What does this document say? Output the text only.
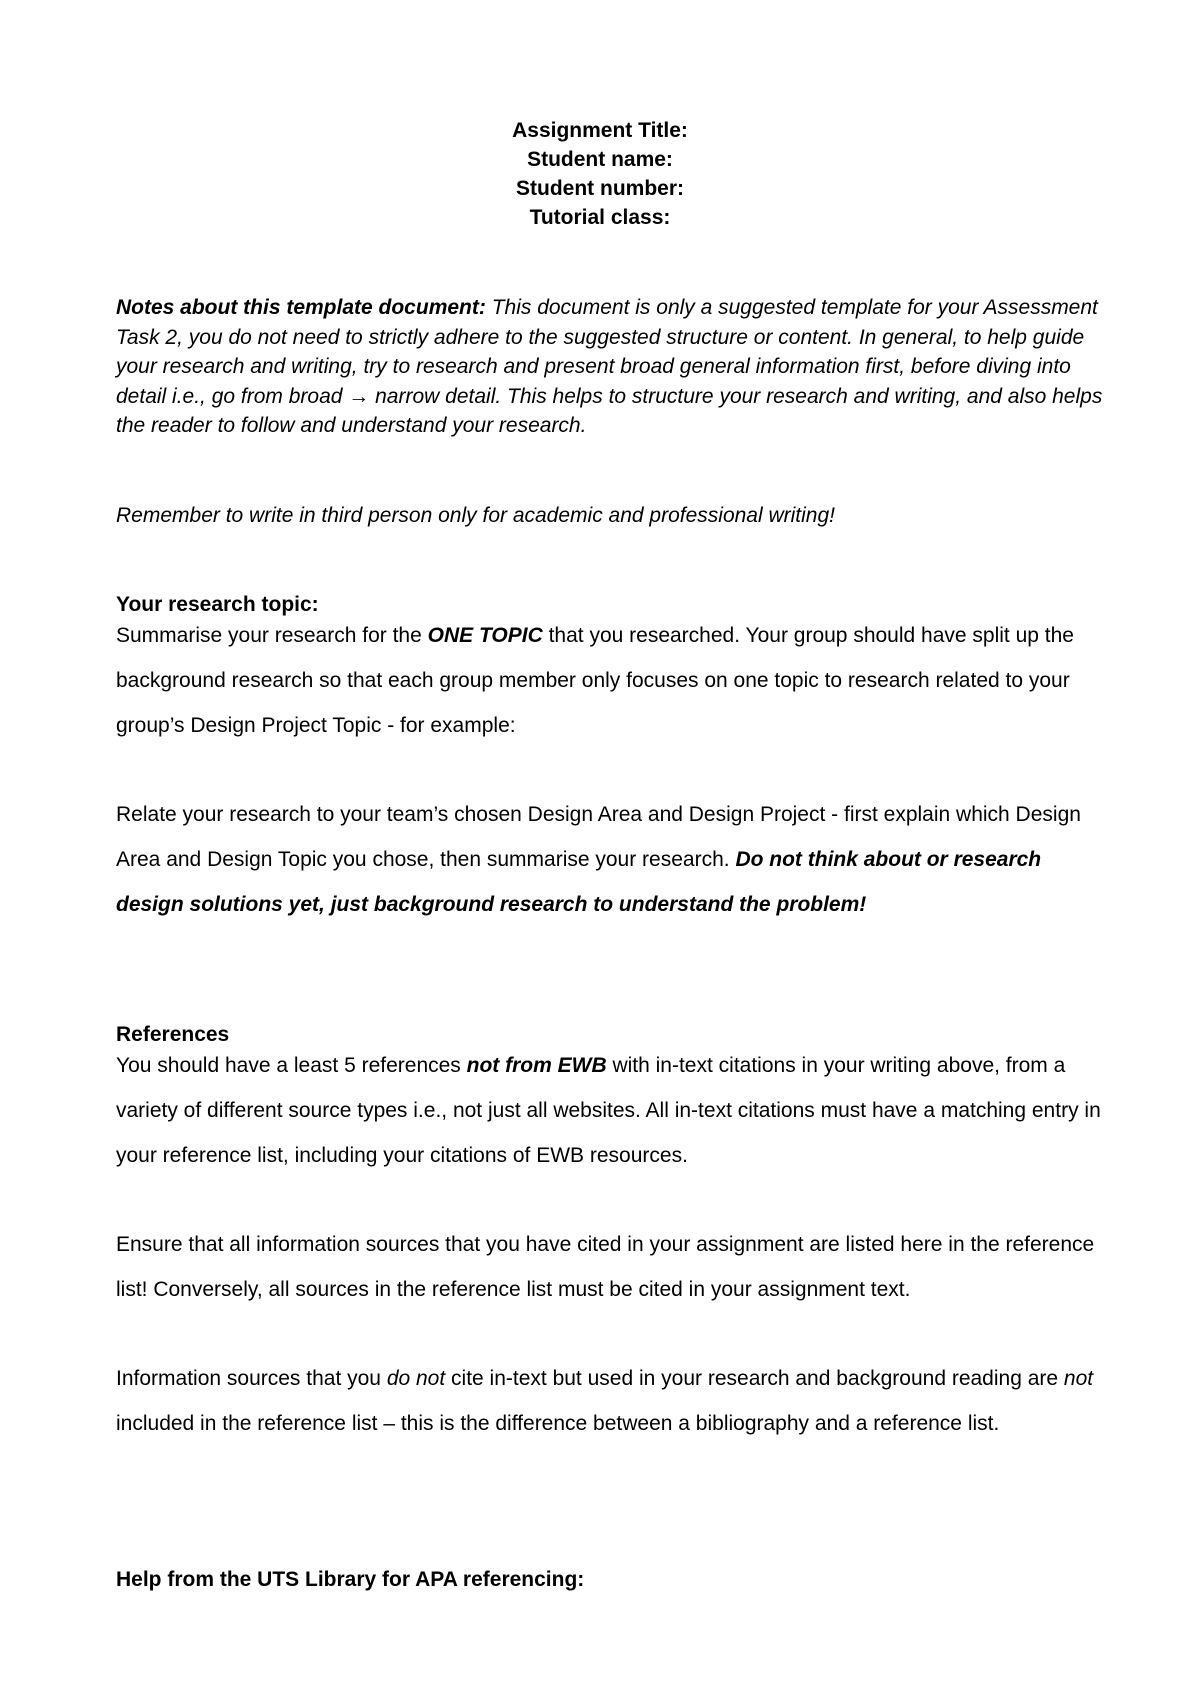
Assignment Title:
Student name:
Student number:
Tutorial class:

Notes about this template document: This document is only a suggested template for your Assessment Task 2, you do not need to strictly adhere to the suggested structure or content. In general, to help guide your research and writing, try to research and present broad general information first, before diving into detail i.e., go from broad → narrow detail. This helps to structure your research and writing, and also helps the reader to follow and understand your research.

Remember to write in third person only for academic and professional writing!

Your research topic:

Summarise your research for the ONE TOPIC that you researched. Your group should have split up the background research so that each group member only focuses on one topic to research related to your group’s Design Project Topic - for example:

Relate your research to your team’s chosen Design Area and Design Project - first explain which Design Area and Design Topic you chose, then summarise your research. Do not think about or research design solutions yet, just background research to understand the problem!

References

You should have a least 5 references not from EWB with in-text citations in your writing above, from a variety of different source types i.e., not just all websites. All in-text citations must have a matching entry in your reference list, including your citations of EWB resources.

Ensure that all information sources that you have cited in your assignment are listed here in the reference list! Conversely, all sources in the reference list must be cited in your assignment text.

Information sources that you do not cite in-text but used in your research and background reading are not included in the reference list – this is the difference between a bibliography and a reference list.

Help from the UTS Library for APA referencing:
